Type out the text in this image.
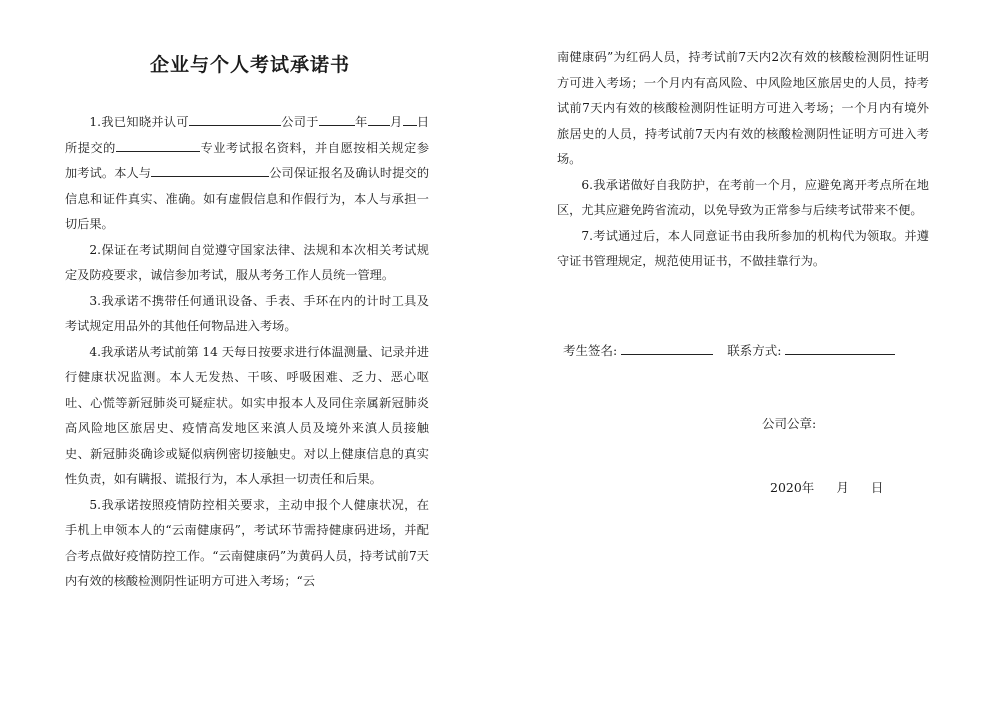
企业与个人考试承诺书

1.我已知晓并认可	公司于	年 月 日所提交的	专业考试报名资料，并自愿按相关规定参加考试。本人与	公司保证报名及确认时提交的信息和证件真实、准确。如有虚假信息和作假行为，本人与承担一切后果。

2.保证在考试期间自觉遵守国家法律、法规和本次相关考试规定及防疫要求，诚信参加考试，服从考务工作人员统一管理。

3.我承诺不携带任何通讯设备、手表、手环在内的计时工具及考试规定用品外的其他任何物品进入考场。

4.我承诺从考试前第 14 天每日按要求进行体温测量、记录并进行健康状况监测。本人无发热、干咳、呼吸困难、乏力、恶心呕吐、心慌等新冠肺炎可疑症状。如实申报本人及同住亲属新冠肺炎高风险地区旅居史、疫情高发地区来滇人员及境外来滇人员接触史、新冠肺炎确诊或疑似病例密切接触史。对以上健康信息的真实性负责，如有瞒报、谎报行为，本人承担一切责任和后果。

5.我承诺按照疫情防控相关要求，主动申报个人健康状况，在手机上申领本人的“云南健康码”，考试环节需持健康码进场，并配合考点做好疫情防控工作。“云南健康码”为黄码人员，持考试前7天内有效的核酸检测阴性证明方可进入考场；“云

南健康码”为红码人员，持考试前7天内2次有效的核酸检测阴性证明方可进入考场；一个月内有高风险、中风险地区旅居史的人员，持考试前7天内有效的核酸检测阴性证明方可进入考场；一个月内有境外旅居史的人员，持考试前7天内有效的核酸检测阴性证明方可进入考场。

6.我承诺做好自我防护，在考前一个月，应避免离开考点所在地区，尤其应避免跨省流动，以免导致为正常参与后续考试带来不便。

7.考试通过后，本人同意证书由我所参加的机构代为领取。并遵守证书管理规定，规范使用证书，不做挂靠行为。

考生签名:	联系方式:
公司公章:
2020年 月 日
